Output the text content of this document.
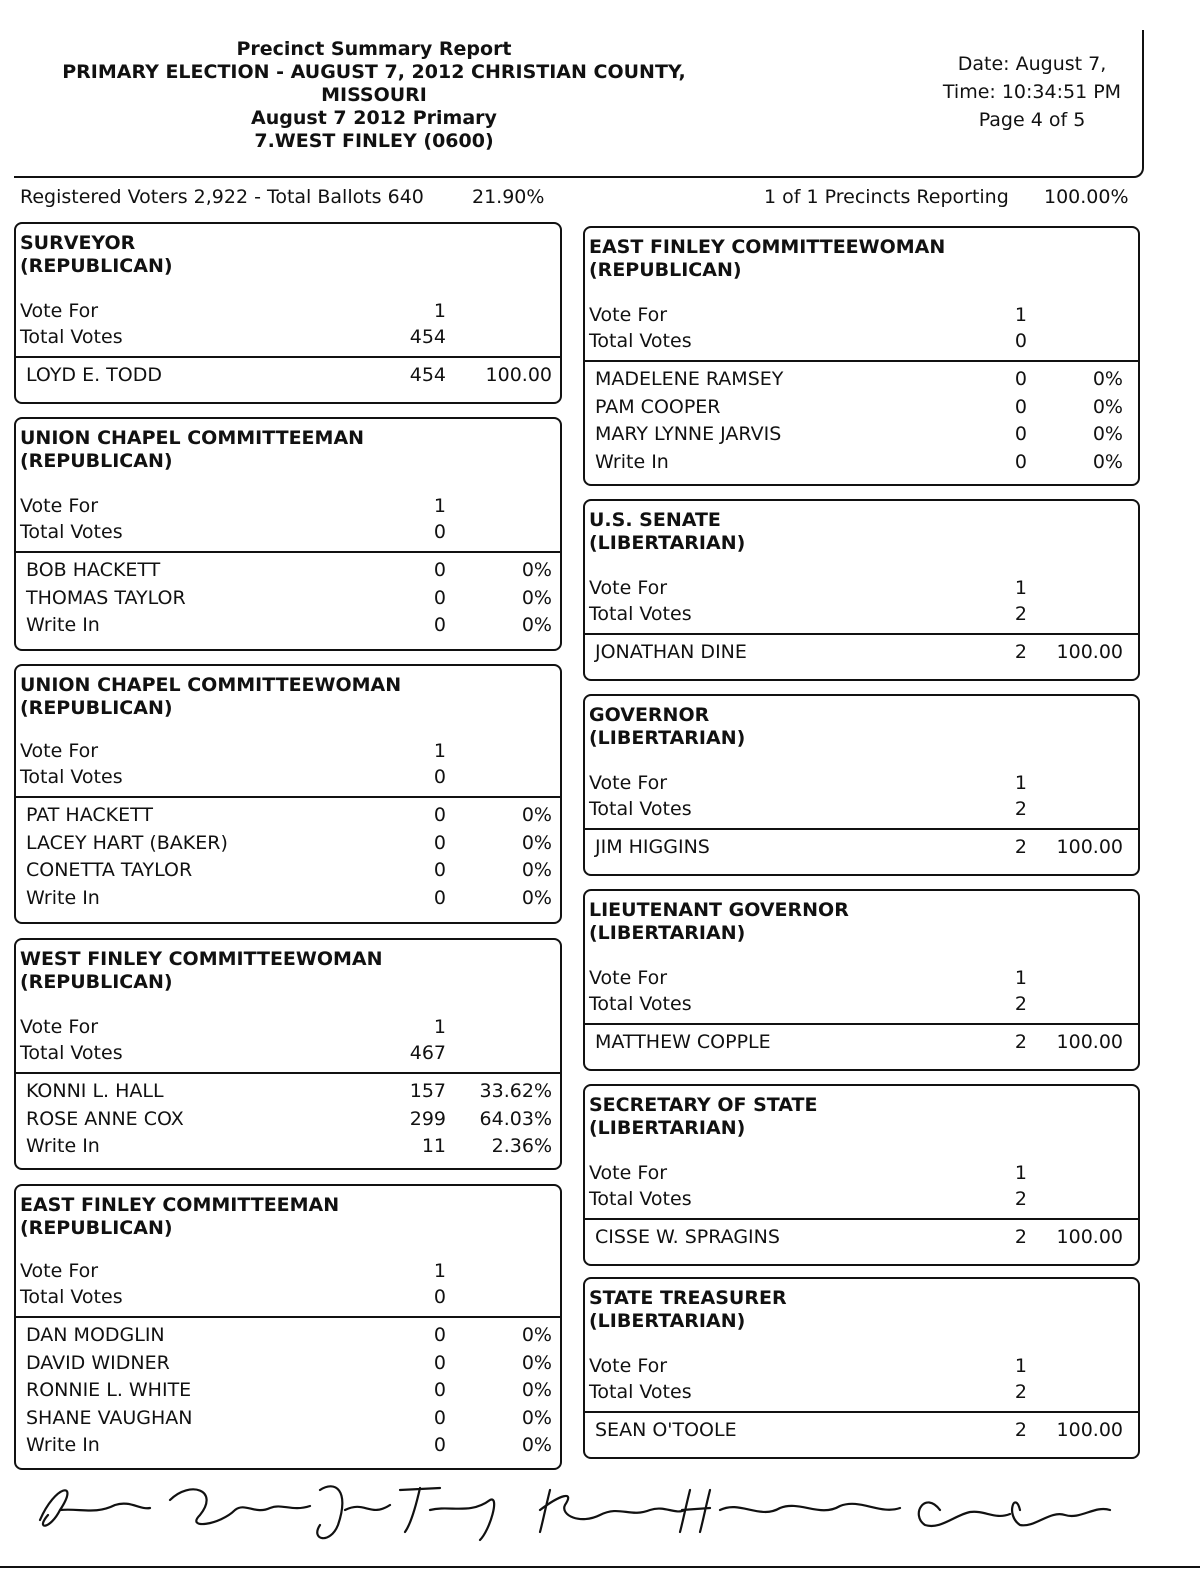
Precinct Summary Report
PRIMARY ELECTION - AUGUST 7, 2012 CHRISTIAN COUNTY,
MISSOURI
August 7 2012 Primary
7.WEST FINLEY (0600)
Date: August 7,
Time: 10:34:51 PM
Page 4 of 5
Registered Voters 2,922 - Total Ballots 640	21.90%	1 of 1 Precincts Reporting 100.00%
SURVEYOR
(REPUBLICAN)
Vote For	1
Total Votes	454
LOYD E. TODD	454	100.00
UNION CHAPEL COMMITTEEMAN
(REPUBLICAN)
Vote For	1
Total Votes	0
BOB HACKETT	0	0%
THOMAS TAYLOR	0	0%
Write In	0	0%
UNION CHAPEL COMMITTEEWOMAN
(REPUBLICAN)
Vote For	1
Total Votes	0
PAT HACKETT	0	0%
LACEY HART (BAKER)	0	0%
CONETTA TAYLOR	0	0%
Write In	0	0%
WEST FINLEY COMMITTEEWOMAN
(REPUBLICAN)
Vote For	1
Total Votes	467
KONNI L. HALL	157	33.62%
ROSE ANNE COX	299	64.03%
Write In	11	2.36%
EAST FINLEY COMMITTEEMAN
(REPUBLICAN)
Vote For	1
Total Votes	0
DAN MODGLIN	0	0%
DAVID WIDNER	0	0%
RONNIE L. WHITE	0	0%
SHANE VAUGHAN	0	0%
Write In	0	0%
EAST FINLEY COMMITTEEWOMAN
(REPUBLICAN)
Vote For	1
Total Votes	0
MADELENE RAMSEY	0	0%
PAM COOPER	0	0%
MARY LYNNE JARVIS	0	0%
Write In	0	0%
U.S. SENATE
(LIBERTARIAN)
Vote For	1
Total Votes	2
JONATHAN DINE	2	100.00
GOVERNOR
(LIBERTARIAN)
Vote For	1
Total Votes	2
JIM HIGGINS	2	100.00
LIEUTENANT GOVERNOR
(LIBERTARIAN)
Vote For	1
Total Votes	2
MATTHEW COPPLE	2	100.00
SECRETARY OF STATE
(LIBERTARIAN)
Vote For	1
Total Votes	2
CISSE W. SPRAGINS	2	100.00
STATE TREASURER
(LIBERTARIAN)
Vote For	1
Total Votes	2
SEAN O'TOOLE	2	100.00
